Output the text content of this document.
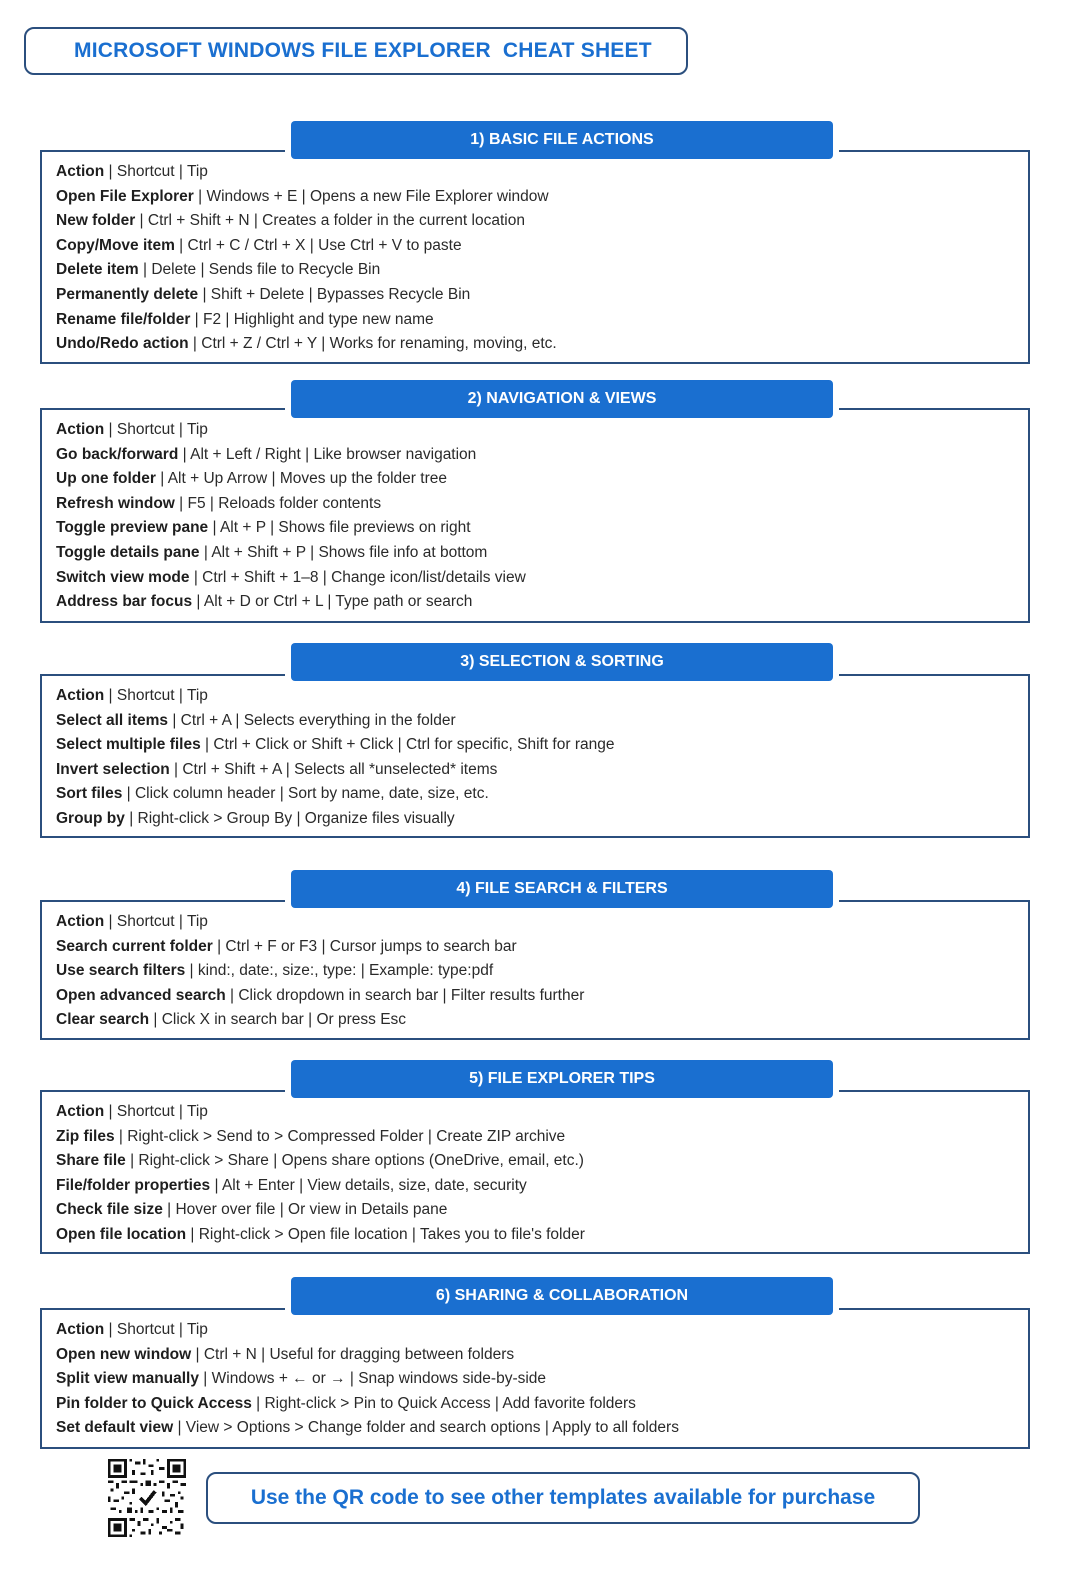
MICROSOFT WINDOWS FILE EXPLORER  CHEAT SHEET
Action | Shortcut | Tip
Open File Explorer | Windows + E | Opens a new File Explorer window
New folder | Ctrl + Shift + N | Creates a folder in the current location
Copy/Move item | Ctrl + C / Ctrl + X | Use Ctrl + V to paste
Delete item | Delete | Sends file to Recycle Bin
Permanently delete | Shift + Delete | Bypasses Recycle Bin
Rename file/folder | F2 | Highlight and type new name
Undo/Redo action | Ctrl + Z / Ctrl + Y | Works for renaming, moving, etc.
1) BASIC FILE ACTIONS
Action | Shortcut | Tip
Go back/forward | Alt + Left / Right | Like browser navigation
Up one folder | Alt + Up Arrow | Moves up the folder tree
Refresh window | F5 | Reloads folder contents
Toggle preview pane | Alt + P | Shows file previews on right
Toggle details pane | Alt + Shift + P | Shows file info at bottom
Switch view mode | Ctrl + Shift + 1–8 | Change icon/list/details view
Address bar focus | Alt + D or Ctrl + L | Type path or search
2) NAVIGATION & VIEWS
Action | Shortcut | Tip
Select all items | Ctrl + A | Selects everything in the folder
Select multiple files | Ctrl + Click or Shift + Click | Ctrl for specific, Shift for range
Invert selection | Ctrl + Shift + A | Selects all *unselected* items
Sort files | Click column header | Sort by name, date, size, etc.
Group by | Right-click > Group By | Organize files visually
3) SELECTION & SORTING
Action | Shortcut | Tip
Search current folder | Ctrl + F or F3 | Cursor jumps to search bar
Use search filters | kind:, date:, size:, type: | Example: type:pdf
Open advanced search | Click dropdown in search bar | Filter results further
Clear search | Click X in search bar | Or press Esc
4) FILE SEARCH & FILTERS
Action | Shortcut | Tip
Zip files | Right-click > Send to > Compressed Folder | Create ZIP archive
Share file | Right-click > Share | Opens share options (OneDrive, email, etc.)
File/folder properties | Alt + Enter | View details, size, date, security
Check file size | Hover over file | Or view in Details pane
Open file location | Right-click > Open file location | Takes you to file's folder
5) FILE EXPLORER TIPS
Action | Shortcut | Tip
Open new window | Ctrl + N | Useful for dragging between folders
Split view manually | Windows + ← or → | Snap windows side-by-side
Pin folder to Quick Access | Right-click > Pin to Quick Access | Add favorite folders
Set default view | View > Options > Change folder and search options | Apply to all folders
6) SHARING & COLLABORATION
Use the QR code to see other templates available for purchase
